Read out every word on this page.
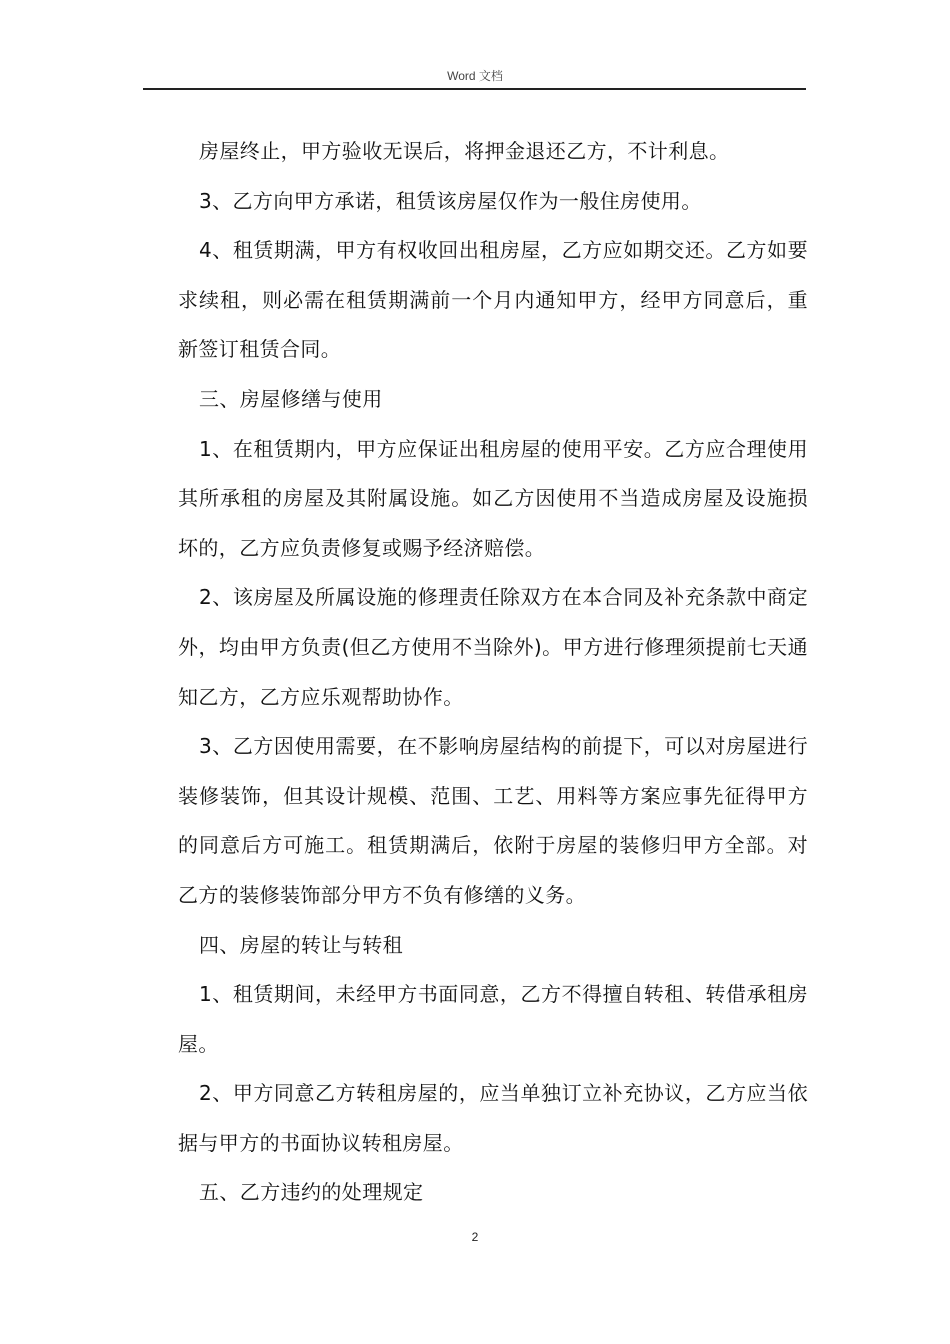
Word 文档

房屋终止，甲方验收无误后，将押金退还乙方，不计利息。

3、乙方向甲方承诺，租赁该房屋仅作为一般住房使用。

4、租赁期满，甲方有权收回出租房屋，乙方应如期交还。乙方如要求续租，则必需在租赁期满前一个月内通知甲方，经甲方同意后，重新签订租赁合同。

三、房屋修缮与使用

1、在租赁期内，甲方应保证出租房屋的使用平安。乙方应合理使用其所承租的房屋及其附属设施。如乙方因使用不当造成房屋及设施损坏的，乙方应负责修复或赐予经济赔偿。

2、该房屋及所属设施的修理责任除双方在本合同及补充条款中商定外，均由甲方负责(但乙方使用不当除外)。甲方进行修理须提前七天通知乙方，乙方应乐观帮助协作。

3、乙方因使用需要，在不影响房屋结构的前提下，可以对房屋进行装修装饰，但其设计规模、范围、工艺、用料等方案应事先征得甲方的同意后方可施工。租赁期满后，依附于房屋的装修归甲方全部。对乙方的装修装饰部分甲方不负有修缮的义务。

四、房屋的转让与转租

1、租赁期间，未经甲方书面同意，乙方不得擅自转租、转借承租房屋。

2、甲方同意乙方转租房屋的，应当单独订立补充协议，乙方应当依据与甲方的书面协议转租房屋。

五、乙方违约的处理规定

2
